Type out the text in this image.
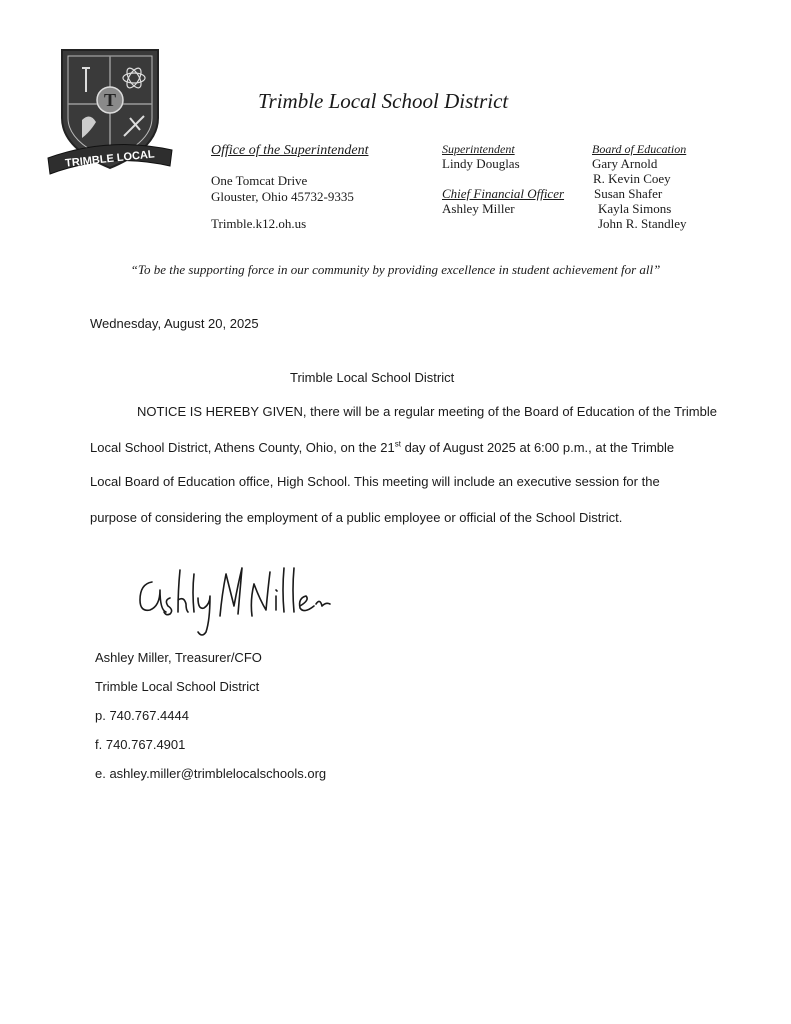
T
TRIMBLE LOCAL
Trimble Local School District
Office of the Superintendent
One Tomcat Drive
Glouster, Ohio 45732-9335
Trimble.k12.oh.us
Superintendent
Lindy Douglas
Chief Financial Officer
Ashley Miller
Board of Education
Gary Arnold
R. Kevin Coey
Susan Shafer
Kayla Simons
John R. Standley
“To be the supporting force in our community by providing excellence in student achievement for all”
Wednesday, August 20, 2025
Trimble Local School District
NOTICE IS HEREBY GIVEN, there will be a regular meeting of the Board of Education of the Trimble
Local School District, Athens County, Ohio, on the 21st day of August 2025 at 6:00 p.m., at the Trimble
Local Board of Education office, High School. This meeting will include an executive session for the
purpose of considering the employment of a public employee or official of the School District.
Ashley Miller, Treasurer/CFO
Trimble Local School District
p. 740.767.4444
f. 740.767.4901
e. ashley.miller@trimblelocalschools.org
